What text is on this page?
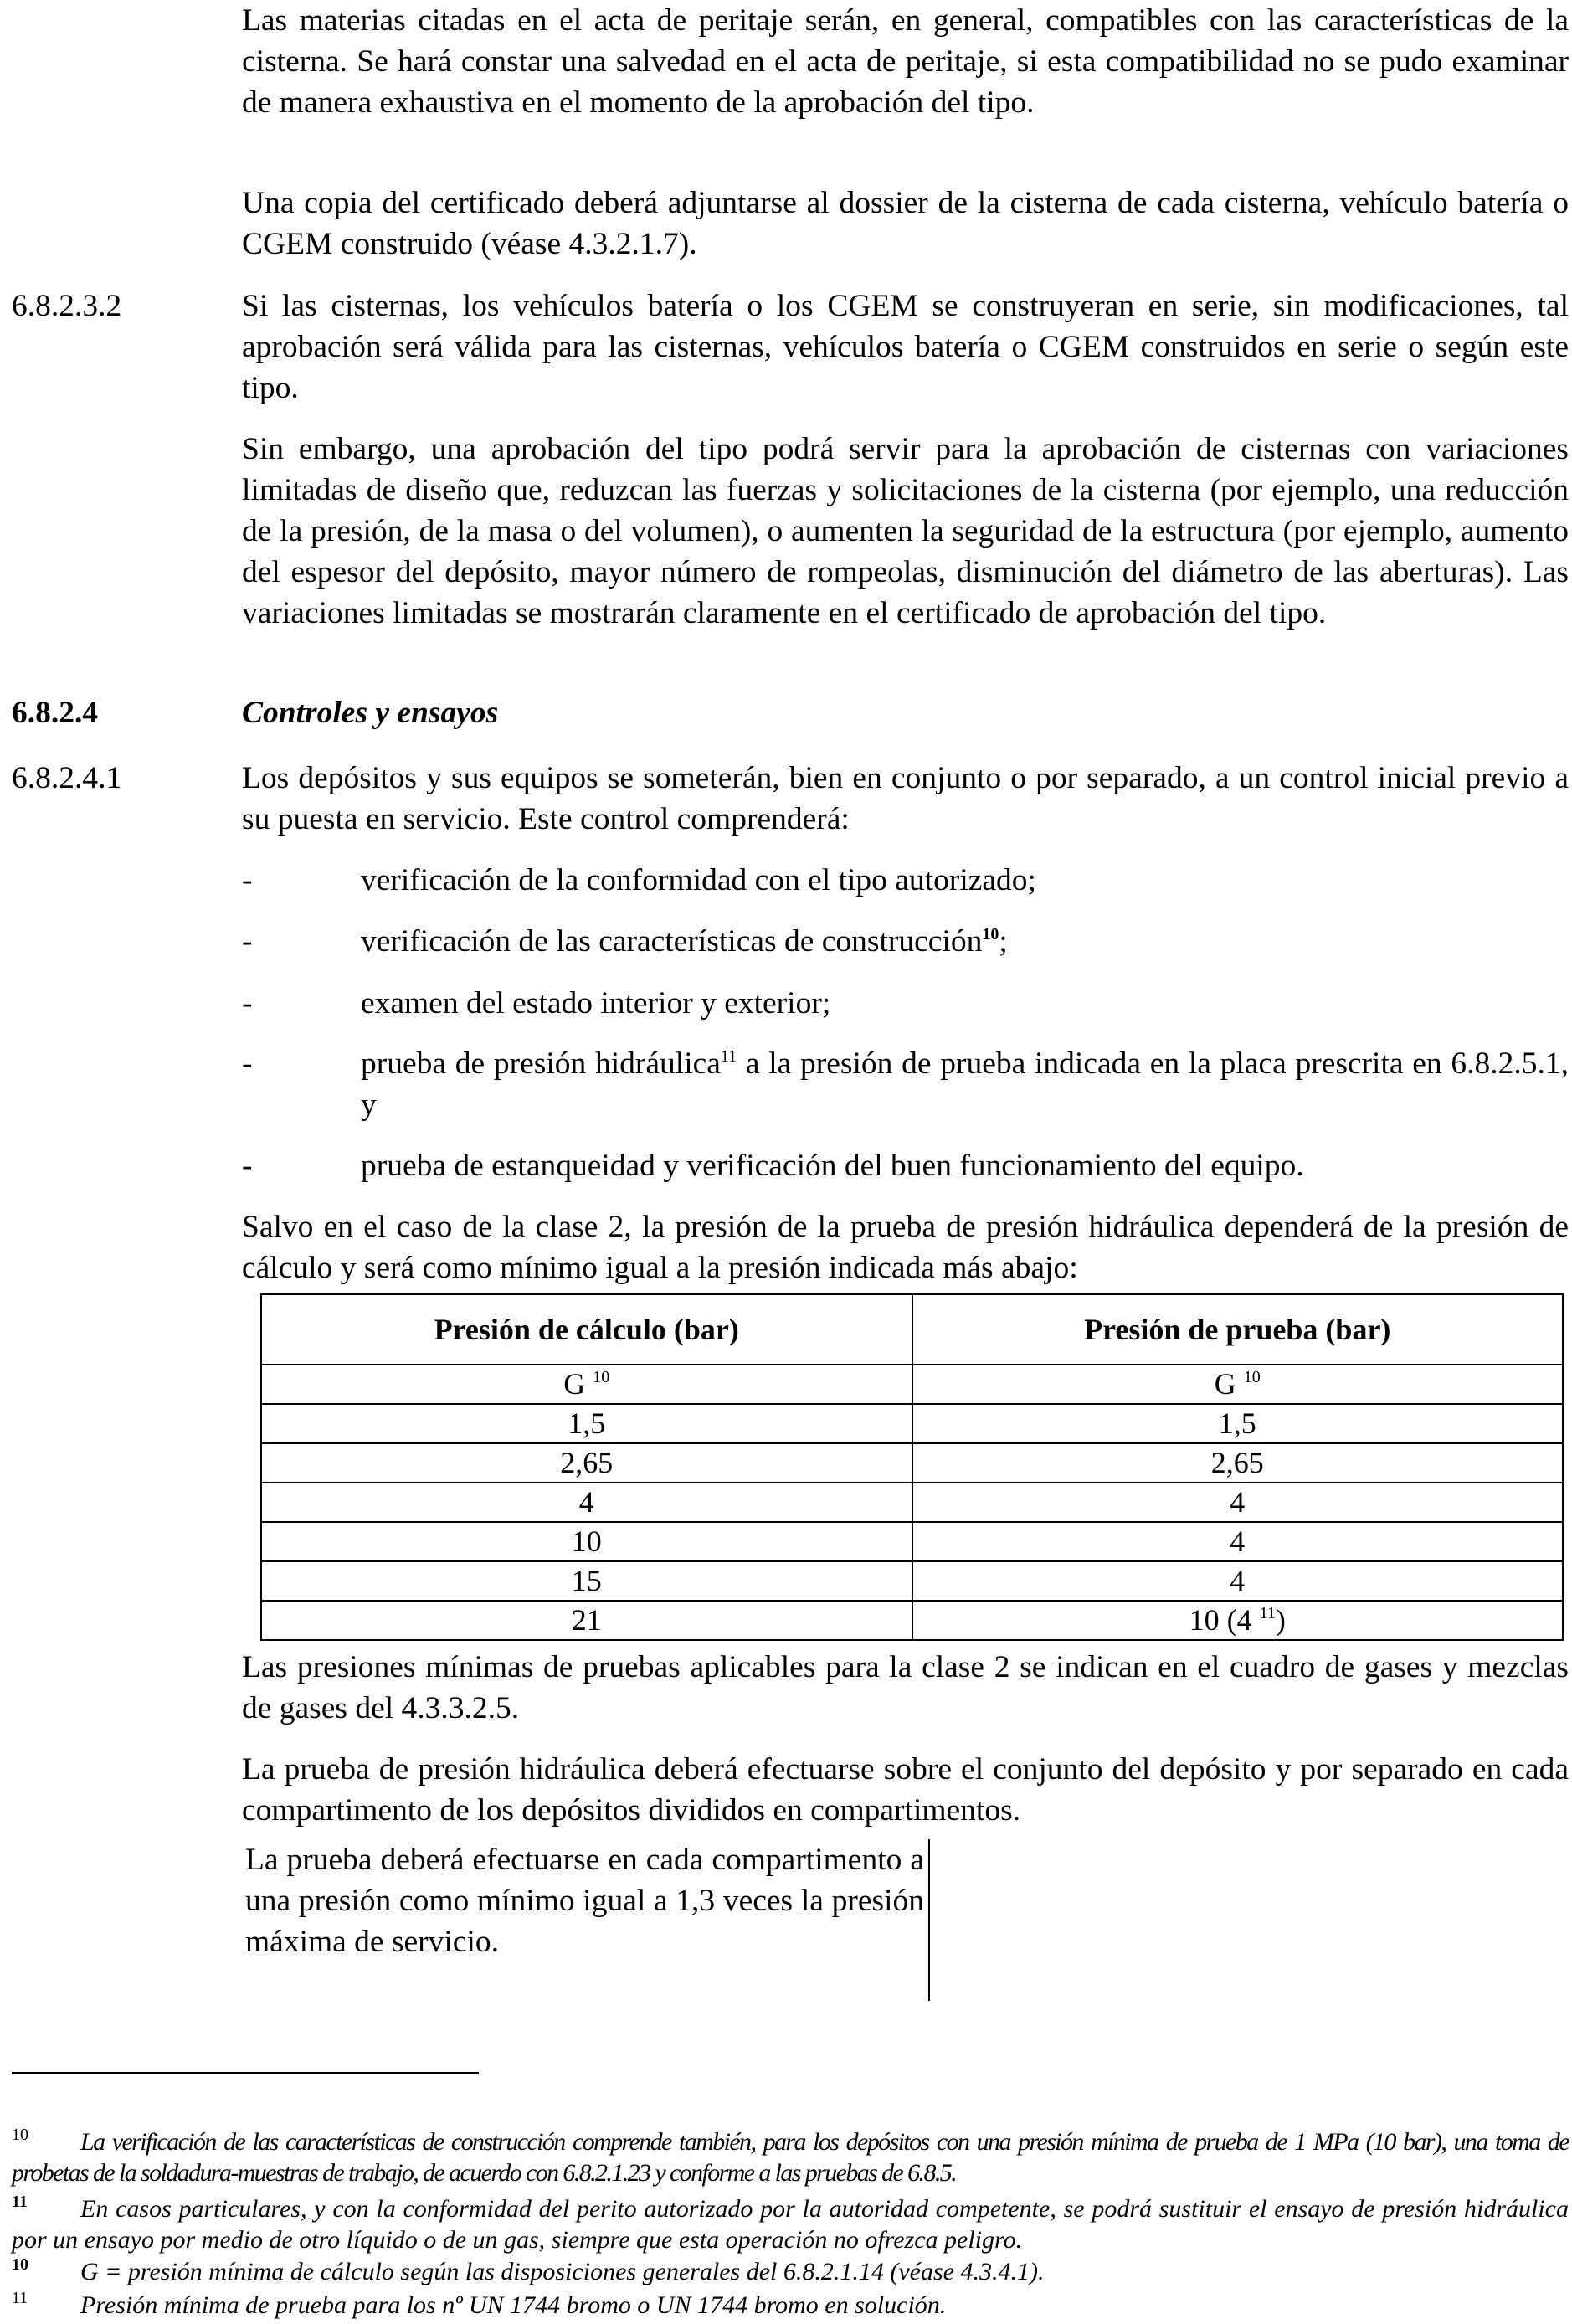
Las materias citadas en el acta de peritaje serán, en general, compatibles con las características de la cisterna. Se hará constar una salvedad en el acta de peritaje, si esta compatibilidad no se pudo examinar de manera exhaustiva en el momento de la aprobación del tipo.

Una copia del certificado deberá adjuntarse al dossier de la cisterna de cada cisterna, vehículo batería o CGEM construido (véase 4.3.2.1.7).

6.8.2.3.2	Si las cisternas, los vehículos batería o los CGEM se construyeran en serie, sin modificaciones, tal aprobación será válida para las cisternas, vehículos batería o CGEM construidos en serie o según este tipo.

Sin embargo, una aprobación del tipo podrá servir para la aprobación de cisternas con variaciones limitadas de diseño que, reduzcan las fuerzas y solicitaciones de la cisterna (por ejemplo, una reducción de la presión, de la masa o del volumen), o aumenten la seguridad de la estructura (por ejemplo, aumento del espesor del depósito, mayor número de rompeolas, disminución del diámetro de las aberturas). Las variaciones limitadas se mostrarán claramente en el certificado de aprobación del tipo.

6.8.2.4	Controles y ensayos
6.8.2.4.1	Los depósitos y sus equipos se someterán, bien en conjunto o por separado, a un control inicial previo a su puesta en servicio. Este control comprenderá:

-	verificación de la conformidad con el tipo autorizado;
-	verificación de las características de construcción$^{10}$;
-	examen del estado interior y exterior;
-	prueba de presión hidráulica$^{11}$ a la presión de prueba indicada en la placa prescrita en 6.8.2.5.1, y
-	prueba de estanqueidad y verificación del buen funcionamiento del equipo.

Salvo en el caso de la clase 2, la presión de la prueba de presión hidráulica dependerá de la presión de cálculo y será como mínimo igual a la presión indicada más abajo:

Presión de cálculo (bar)	Presión de prueba (bar)
G $^{10}$	G $^{10}$
1,5	1,5
2,65	2,65
4	4
10	4
15	4
21	10 (4 $^{11}$)

Las presiones mínimas de pruebas aplicables para la clase 2 se indican en el cuadro de gases y mezclas de gases del 4.3.3.2.5.

La prueba de presión hidráulica deberá efectuarse sobre el conjunto del depósito y por separado en cada compartimento de los depósitos divididos en compartimentos.

La prueba deberá efectuarse en cada compartimento a una presión como mínimo igual a 1,3 veces la presión máxima de servicio.
10	La verificación de las características de construcción comprende también, para los depósitos con una presión mínima de prueba de 1 MPa (10 bar), una toma de probetas de la soldadura-muestras de trabajo, de acuerdo con 6.8.2.1.23 y conforme a las pruebas de 6.8.5.
11	En casos particulares, y con la conformidad del perito autorizado por la autoridad competente, se podrá sustituir el ensayo de presión hidráulica por un ensayo por medio de otro líquido o de un gas, siempre que esta operación no ofrezca peligro.
10	G = presión mínima de cálculo según las disposiciones generales del 6.8.2.1.14 (véase 4.3.4.1).
11	Presión mínima de prueba para los nº UN 1744 bromo o UN 1744 bromo en solución.
